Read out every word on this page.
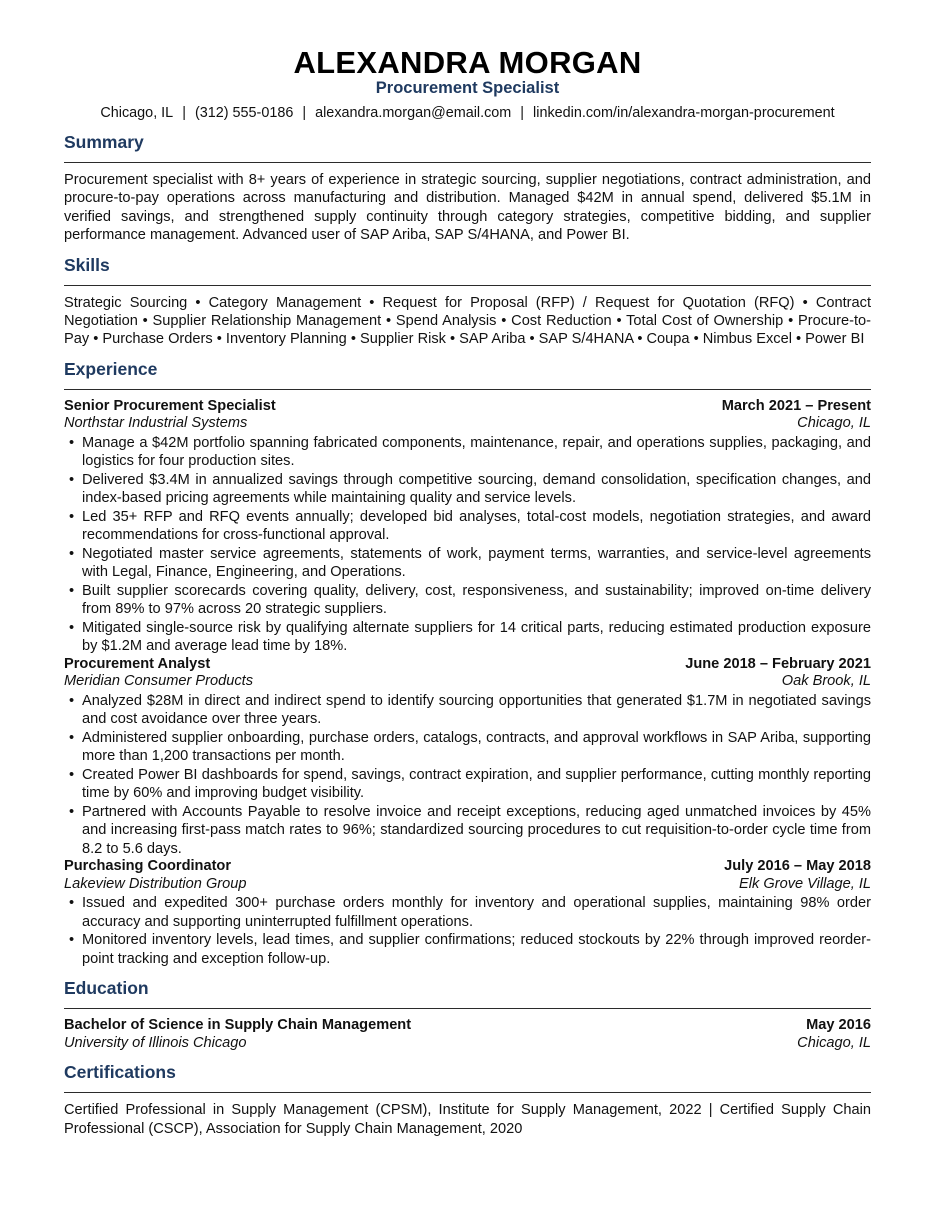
ALEXANDRA MORGAN
Procurement Specialist
Chicago, IL | (312) 555-0186 | alexandra.morgan@email.com | linkedin.com/in/alexandra-morgan-procurement
Summary
Procurement specialist with 8+ years of experience in strategic sourcing, supplier negotiations, contract administration, and procure-to-pay operations across manufacturing and distribution. Managed $42M in annual spend, delivered $5.1M in verified savings, and strengthened supply continuity through category strategies, competitive bidding, and supplier performance management. Advanced user of SAP Ariba, SAP S/4HANA, and Power BI.
Skills
Strategic Sourcing • Category Management • Request for Proposal (RFP) / Request for Quotation (RFQ) • Contract Negotiation • Supplier Relationship Management • Spend Analysis • Cost Reduction • Total Cost of Ownership • Procure-to-Pay • Purchase Orders • Inventory Planning • Supplier Risk • SAP Ariba • SAP S/4HANA • Coupa • Nimbus Excel • Power BI
Experience
Senior Procurement Specialist	March 2021 – Present
Northstar Industrial Systems	Chicago, IL
• Manage a $42M portfolio spanning fabricated components, maintenance, repair, and operations supplies, packaging, and logistics for four production sites.
• Delivered $3.4M in annualized savings through competitive sourcing, demand consolidation, specification changes, and index-based pricing agreements while maintaining quality and service levels.
• Led 35+ RFP and RFQ events annually; developed bid analyses, total-cost models, negotiation strategies, and award recommendations for cross-functional approval.
• Negotiated master service agreements, statements of work, payment terms, warranties, and service-level agreements with Legal, Finance, Engineering, and Operations.
• Built supplier scorecards covering quality, delivery, cost, responsiveness, and sustainability; improved on-time delivery from 89% to 97% across 20 strategic suppliers.
• Mitigated single-source risk by qualifying alternate suppliers for 14 critical parts, reducing estimated production exposure by $1.2M and average lead time by 18%.
Procurement Analyst	June 2018 – February 2021
Meridian Consumer Products	Oak Brook, IL
• Analyzed $28M in direct and indirect spend to identify sourcing opportunities that generated $1.7M in negotiated savings and cost avoidance over three years.
• Administered supplier onboarding, purchase orders, catalogs, contracts, and approval workflows in SAP Ariba, supporting more than 1,200 transactions per month.
• Created Power BI dashboards for spend, savings, contract expiration, and supplier performance, cutting monthly reporting time by 60% and improving budget visibility.
• Partnered with Accounts Payable to resolve invoice and receipt exceptions, reducing aged unmatched invoices by 45% and increasing first-pass match rates to 96%; standardized sourcing procedures to cut requisition-to-order cycle time from 8.2 to 5.6 days.
Purchasing Coordinator	July 2016 – May 2018
Lakeview Distribution Group	Elk Grove Village, IL
• Issued and expedited 300+ purchase orders monthly for inventory and operational supplies, maintaining 98% order accuracy and supporting uninterrupted fulfillment operations.
• Monitored inventory levels, lead times, and supplier confirmations; reduced stockouts by 22% through improved reorder-point tracking and exception follow-up.
Education
Bachelor of Science in Supply Chain Management	May 2016
University of Illinois Chicago	Chicago, IL
Certifications
Certified Professional in Supply Management (CPSM), Institute for Supply Management, 2022 | Certified Supply Chain Professional (CSCP), Association for Supply Chain Management, 2020
